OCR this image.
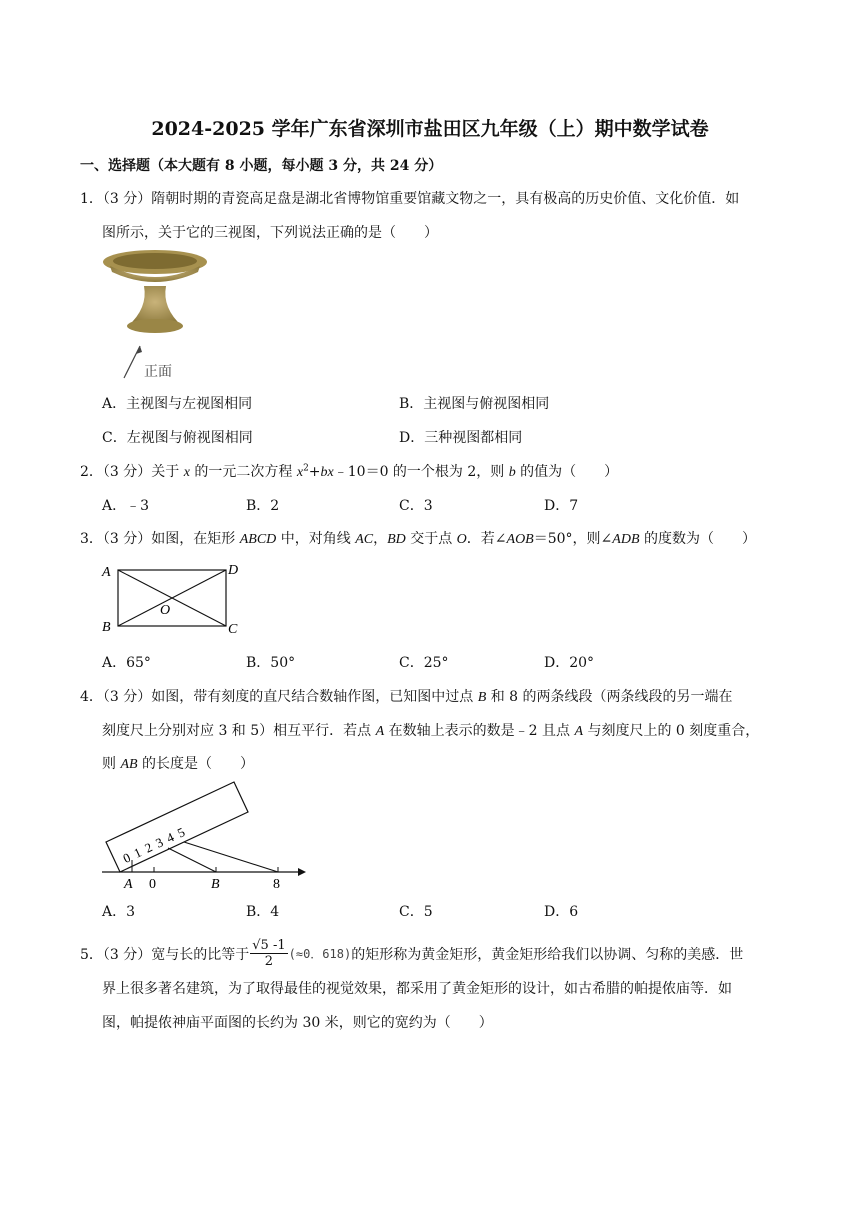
2024-2025 学年广东省深圳市盐田区九年级（上）期中数学试卷
一、选择题（本大题有 8 小题，每小题 3 分，共 24 分）
1．（3 分）隋朝时期的青瓷高足盘是湖北省博物馆重要馆藏文物之一，具有极高的历史价值、文化价值．如
图所示，关于它的三视图，下列说法正确的是（　　）
正面
A．主视图与左视图相同	B．主视图与俯视图相同
C．左视图与俯视图相同	D．三种视图都相同
2．（3 分）关于 x 的一元二次方程 $x^2+bx﹣10=0$ 的一个根为 2，则 b 的值为（　　）
A．﹣3	B．2	C．3	D．7
3．（3 分）如图，在矩形 ABCD 中，对角线 AC，BD 交于点 O．若∠AOB＝50°，则∠ADB 的度数为（　　）
A	D
B	C
O
A．65°	B．50°	C．25°	D．20°
4．（3 分）如图，带有刻度的直尺结合数轴作图，已知图中过点 B 和 8 的两条线段（两条线段的另一端在
刻度尺上分别对应 3 和 5）相互平行．若点 A 在数轴上表示的数是﹣2 且点 A 与刻度尺上的 0 刻度重合，
则 AB 的长度是（　　）
0
1
2
3
4
5
A 0	B	8
A．3	B．4	C．5	D．6
5．（3 分）宽与长的比等于
√5 -1
2 (≈0．618) 的矩形称为黄金矩形，黄金矩形给我们以协调、匀称的美感．世
界上很多著名建筑，为了取得最佳的视觉效果，都采用了黄金矩形的设计，如古希腊的帕提侬庙等．如
图，帕提侬神庙平面图的长约为 30 米，则它的宽约为（　　）
